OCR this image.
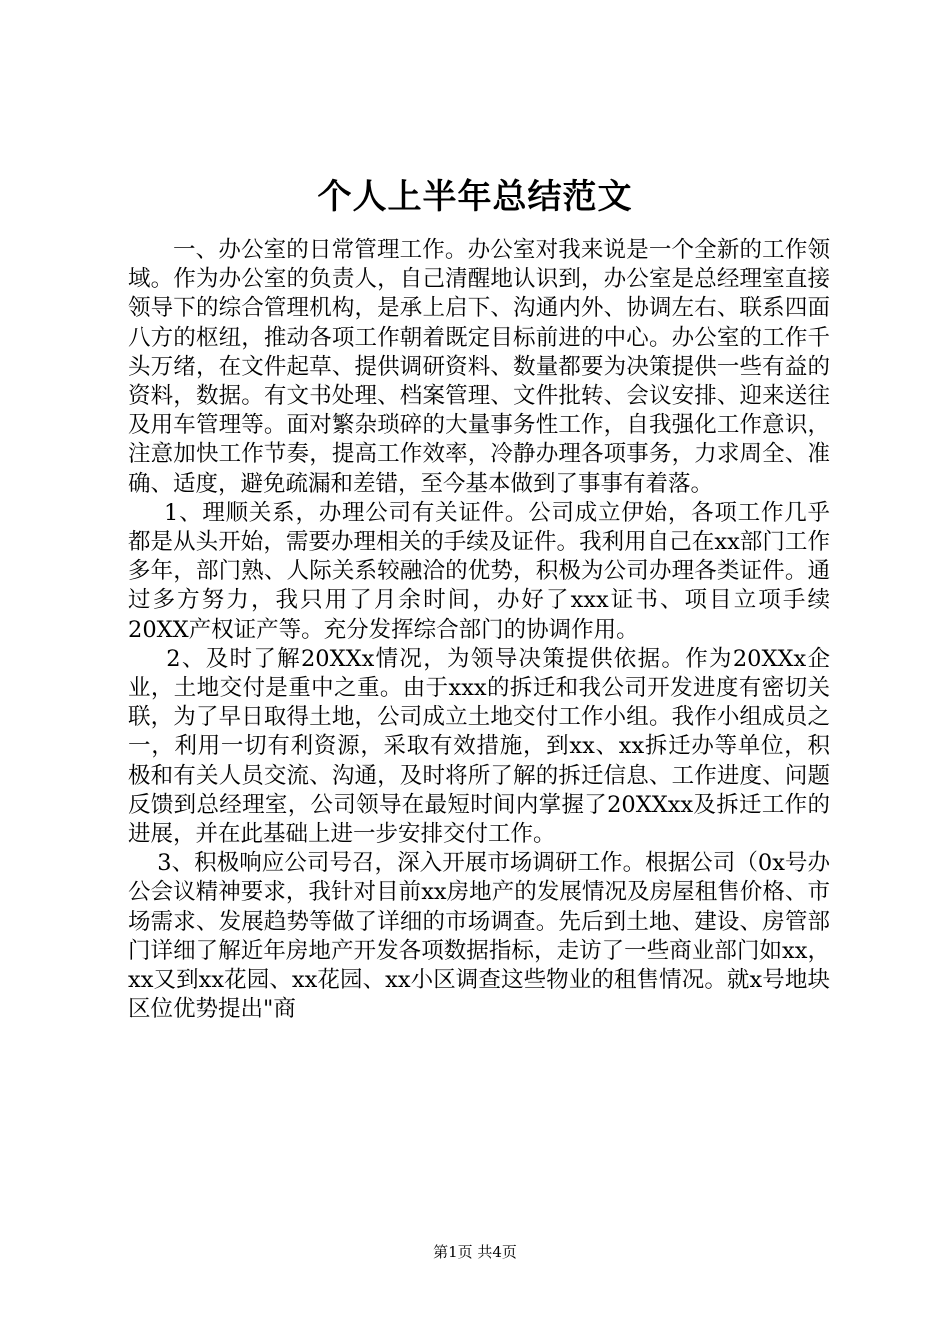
个人上半年总结范文

一、办公室的日常管理工作。办公室对我来说是一个全新的工作领域。作为办公室的负责人，自己清醒地认识到，办公室是总经理室直接领导下的综合管理机构，是承上启下、沟通内外、协调左右、联系四面八方的枢纽，推动各项工作朝着既定目标前进的中心。办公室的工作千头万绪，在文件起草、提供调研资料、数量都要为决策提供一些有益的资料，数据。有文书处理、档案管理、文件批转、会议安排、迎来送往及用车管理等。面对繁杂琐碎的大量事务性工作，自我强化工作意识，注意加快工作节奏，提高工作效率，冷静办理各项事务，力求周全、准确、适度，避免疏漏和差错，至今基本做到了事事有着落。

1、理顺关系，办理公司有关证件。公司成立伊始，各项工作几乎都是从头开始，需要办理相关的手续及证件。我利用自己在xx部门工作多年，部门熟、人际关系较融洽的优势，积极为公司办理各类证件。通过多方努力，我只用了月余时间，办好了xxx证书、项目立项手续20XX产权证产等。充分发挥综合部门的协调作用。

2、及时了解20XXx情况，为领导决策提供依据。作为20XXx企业，土地交付是重中之重。由于xxx的拆迁和我公司开发进度有密切关联，为了早日取得土地，公司成立土地交付工作小组。我作小组成员之一，利用一切有利资源，采取有效措施，到xx、xx拆迁办等单位，积极和有关人员交流、沟通，及时将所了解的拆迁信息、工作进度、问题反馈到总经理室，公司领导在最短时间内掌握了20XXxx及拆迁工作的进展，并在此基础上进一步安排交付工作。

3、积极响应公司号召，深入开展市场调研工作。根据公司（0x号办公会议精神要求，我针对目前xx房地产的发展情况及房屋租售价格、市场需求、发展趋势等做了详细的市场调查。先后到土地、建设、房管部门详细了解近年房地产开发各项数据指标，走访了一些商业部门如xx，xx又到xx花园、xx花园、xx小区调查这些物业的租售情况。就x号地块区位优势提出"商

第1页 共4页
